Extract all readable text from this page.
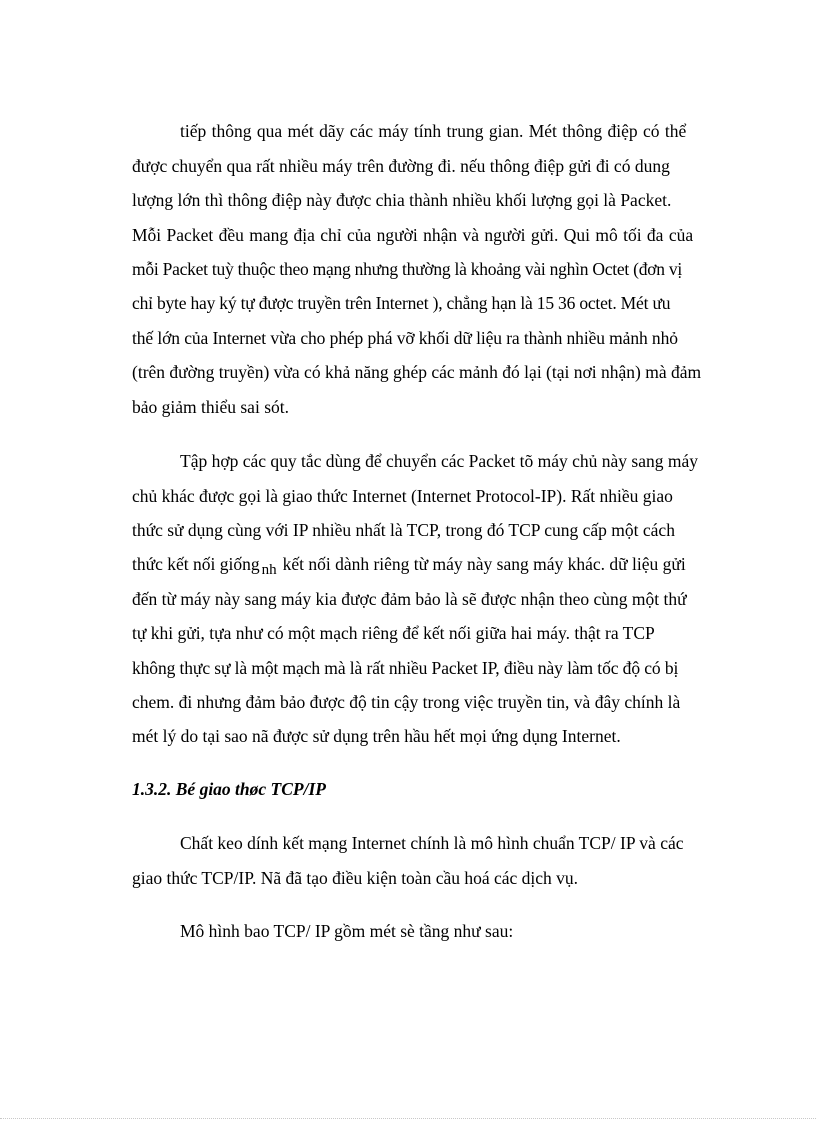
tiếp thông qua mét dãy các máy tính trung gian. Mét thông điệp có thể
được chuyển qua rất nhiều máy trên đường đi. nếu thông điệp gửi đi có dung
lượng lớn thì thông điệp này được chia thành nhiều khối lượng gọi là Packet.
Mỗi Packet đều mang địa chỉ của người nhận và người gửi. Qui mô tối đa của
mỗi Packet tuỳ thuộc theo mạng nhưng thường là khoảng vài nghìn Octet (đơn vị
chỉ byte hay ký tự được truyền trên Internet ), chẳng hạn là 15 36 octet. Mét ưu
thế lớn của Internet vừa cho phép phá vỡ khối dữ liệu ra thành nhiều mảnh nhỏ
(trên đường truyền) vừa có khả năng ghép các mảnh đó lại (tại nơi nhận) mà đảm
bảo giảm thiểu sai sót.
Tập hợp các quy tắc dùng để chuyển các Packet tõ máy chủ này sang máy
chủ khác được gọi là giao thức Internet (Internet Protocol-IP). Rất nhiều giao
thức sử dụng cùng với IP nhiều nhất là TCP, trong đó TCP cung cấp một cách
thức kết nối giống nh kết nối dành riêng từ máy này sang máy khác. dữ liệu gửi
đến từ máy này sang máy kia được đảm bảo là sẽ được nhận theo cùng một thứ
tự khi gửi, tựa như có một mạch riêng để kết nối giữa hai máy. thật ra TCP
không thực sự là một mạch mà là rất nhiều Packet IP, điều này làm tốc độ có bị
chem. đi nhưng đảm bảo được độ tin cậy trong việc truyền tin, và đây chính là
mét lý do tại sao nã được sử dụng trên hầu hết mọi ứng dụng Internet.
1.3.2. Bé giao thøc TCP/IP
Chất keo dính kết mạng Internet chính là mô hình chuẩn TCP/ IP và các
giao thức TCP/IP. Nã đã tạo điều kiện toàn cầu hoá các dịch vụ.
Mô hình bao TCP/ IP gồm mét sè tầng như sau:
